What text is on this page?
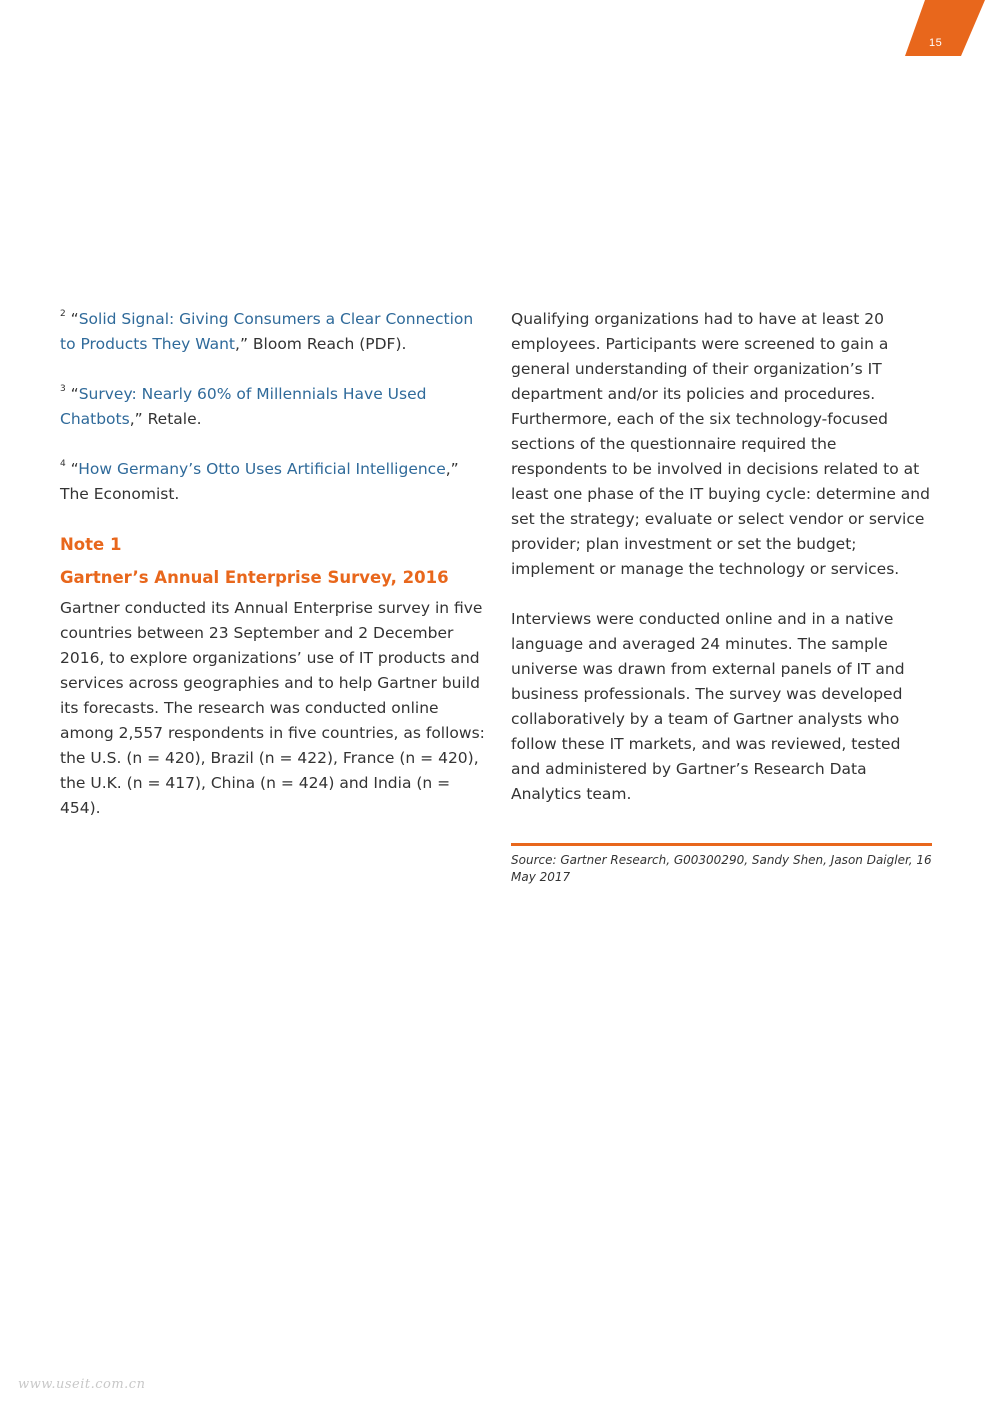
15

$^2$ “Solid Signal: Giving Consumers a Clear Connection to Products They Want,” Bloom Reach (PDF).

$^3$ “Survey: Nearly 60% of Millennials Have Used Chatbots,” Retale.

$^4$ “How Germany’s Otto Uses Artificial Intelligence,” The Economist.

Note 1
Gartner’s Annual Enterprise Survey, 2016

Gartner conducted its Annual Enterprise survey in five countries between 23 September and 2 December 2016, to explore organizations’ use of IT products and services across geographies and to help Gartner build its forecasts. The research was conducted online among 2,557 respondents in five countries, as follows: the U.S. (n = 420), Brazil (n = 422), France (n = 420), the U.K. (n = 417), China (n = 424) and India (n = 454).

Qualifying organizations had to have at least 20 employees. Participants were screened to gain a general understanding of their organization’s IT department and/or its policies and procedures. Furthermore, each of the six technology-focused sections of the questionnaire required the respondents to be involved in decisions related to at least one phase of the IT buying cycle: determine and set the strategy; evaluate or select vendor or service provider; plan investment or set the budget; implement or manage the technology or services.

Interviews were conducted online and in a native language and averaged 24 minutes. The sample universe was drawn from external panels of IT and business professionals. The survey was developed collaboratively by a team of Gartner analysts who follow these IT markets, and was reviewed, tested and administered by Gartner’s Research Data Analytics team.

Source: Gartner Research, G00300290, Sandy Shen, Jason Daigler, 16 May 2017
www.useit.com.cn
